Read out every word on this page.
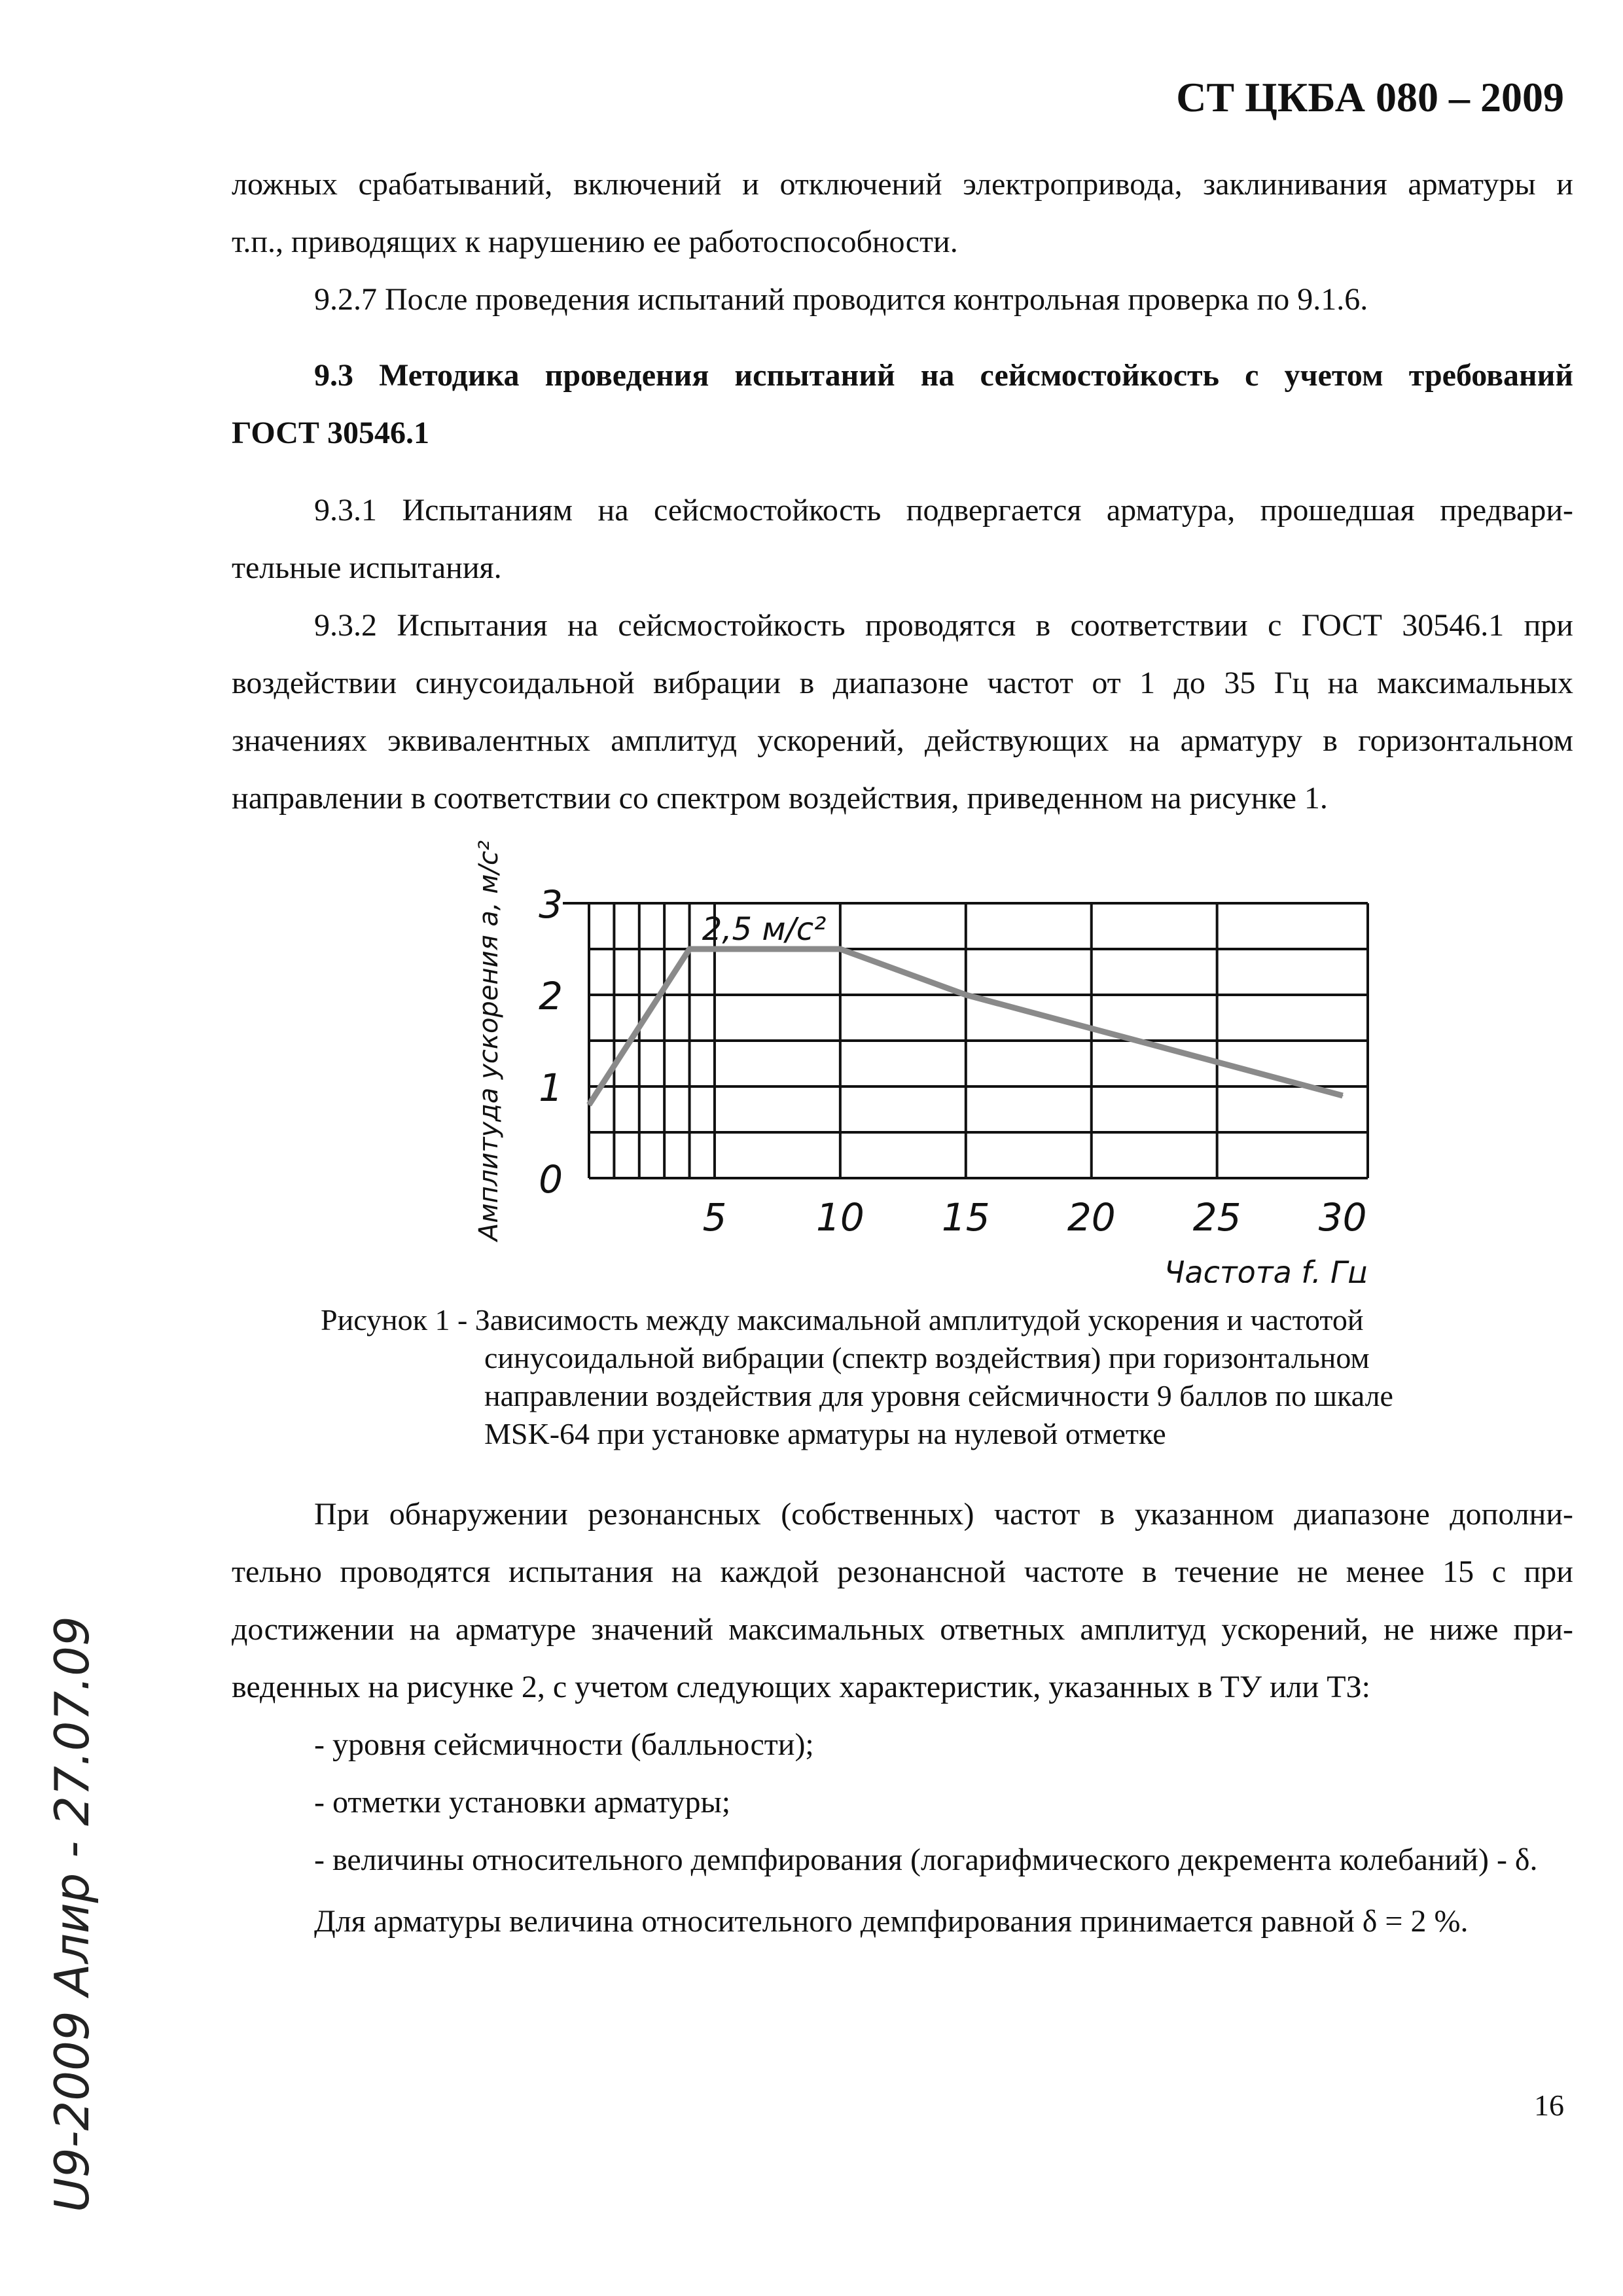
СТ ЦКБА 080 – 2009
ложных срабатываний, включений и отключений электропривода, заклинивания арматуры и
т.п., приводящих к нарушению ее работоспособности.
9.2.7 После проведения испытаний проводится контрольная проверка по 9.1.6.
9.3 Методика проведения испытаний на сейсмостойкость с учетом требований
ГОСТ 30546.1
9.3.1 Испытаниям на сейсмостойкость подвергается арматура, прошедшая предвари-
тельные испытания.
9.3.2 Испытания на сейсмостойкость проводятся в соответствии с ГОСТ 30546.1 при
воздействии синусоидальной вибрации в диапазоне частот от 1 до 35 Гц на максимальных
значениях эквивалентных амплитуд ускорений, действующих на арматуру в горизонтальном
направлении в соответствии со спектром воздействия, приведенном на рисунке 1.
0
1
2
3
5 10 15 20 25 30
2,5 м/c²
Частота f, Гц
Амплитуда ускорения a, м/c²
Рисунок 1 - Зависимость между максимальной амплитудой ускорения и частотой
синусоидальной вибрации (спектр воздействия) при горизонтальном
направлении воздействия для уровня сейсмичности 9 баллов по шкале
MSK-64 при установке арматуры на нулевой отметке
При обнаружении резонансных (собственных) частот в указанном диапазоне дополни-
тельно проводятся испытания на каждой резонансной частоте в течение не менее 15 с при
достижении на арматуре значений максимальных ответных амплитуд ускорений, не ниже при-
веденных на рисунке 2, с учетом следующих характеристик, указанных в ТУ или ТЗ:
- уровня сейсмичности (балльности);
- отметки установки арматуры;
- величины относительного демпфирования (логарифмического декремента колебаний) - δ.
Для арматуры величина относительного демпфирования принимается равной δ = 2 %.
16
U9-2009 Алир - 27.07.09
